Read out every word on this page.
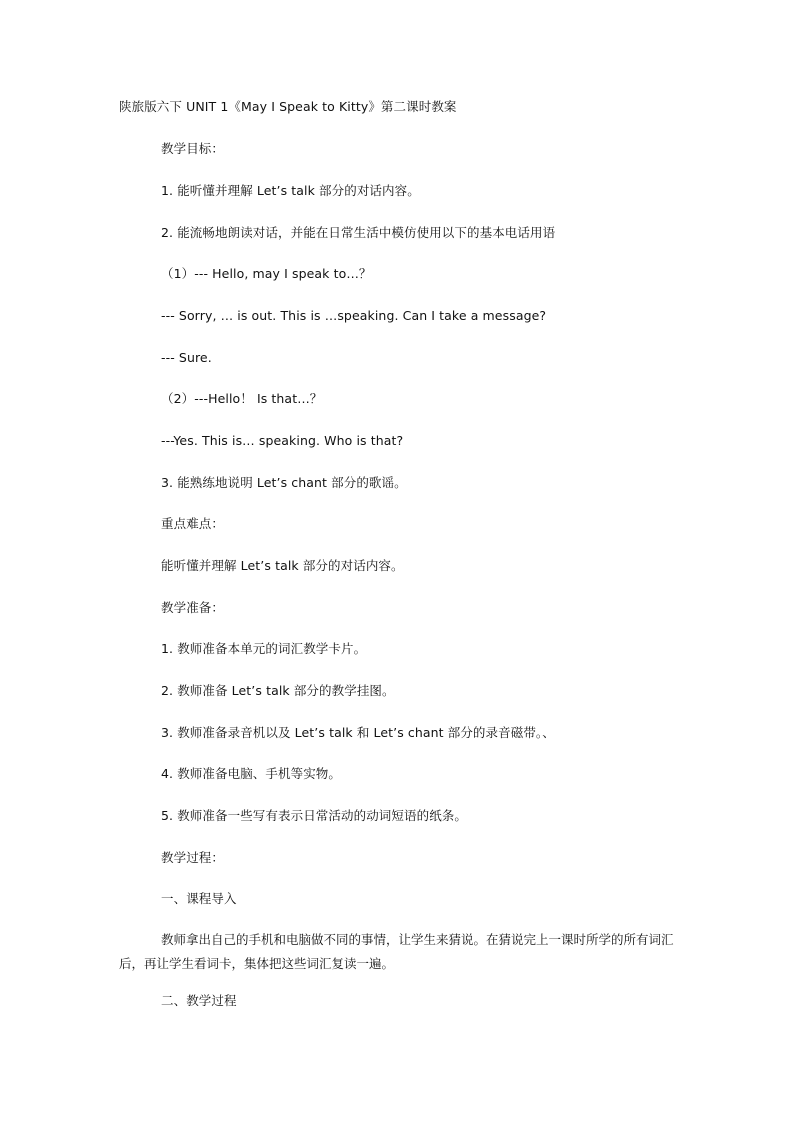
陕旅版六下 UNIT 1《May I Speak to Kitty》第二课时教案
教学目标：
1. 能听懂并理解 Let’s talk 部分的对话内容。
2. 能流畅地朗读对话，并能在日常生活中模仿使用以下的基本电话用语
（1）--- Hello, may I speak to…？
--- Sorry, … is out. This is …speaking. Can I take a message?
--- Sure.
（2）---Hello！ Is that…？
---Yes. This is… speaking. Who is that?
3. 能熟练地说明 Let’s chant 部分的歌谣。
重点难点：
能听懂并理解 Let’s talk 部分的对话内容。
教学准备：
1. 教师准备本单元的词汇教学卡片。
2. 教师准备 Let’s talk 部分的教学挂图。
3. 教师准备录音机以及 Let’s talk 和 Let’s chant 部分的录音磁带。、
4. 教师准备电脑、手机等实物。
5. 教师准备一些写有表示日常活动的动词短语的纸条。
教学过程：
一、课程导入
教师拿出自己的手机和电脑做不同的事情，让学生来猜说。在猜说完上一课时所学的所有词汇后，再让学生看词卡，集体把这些词汇复读一遍。
二、教学过程
